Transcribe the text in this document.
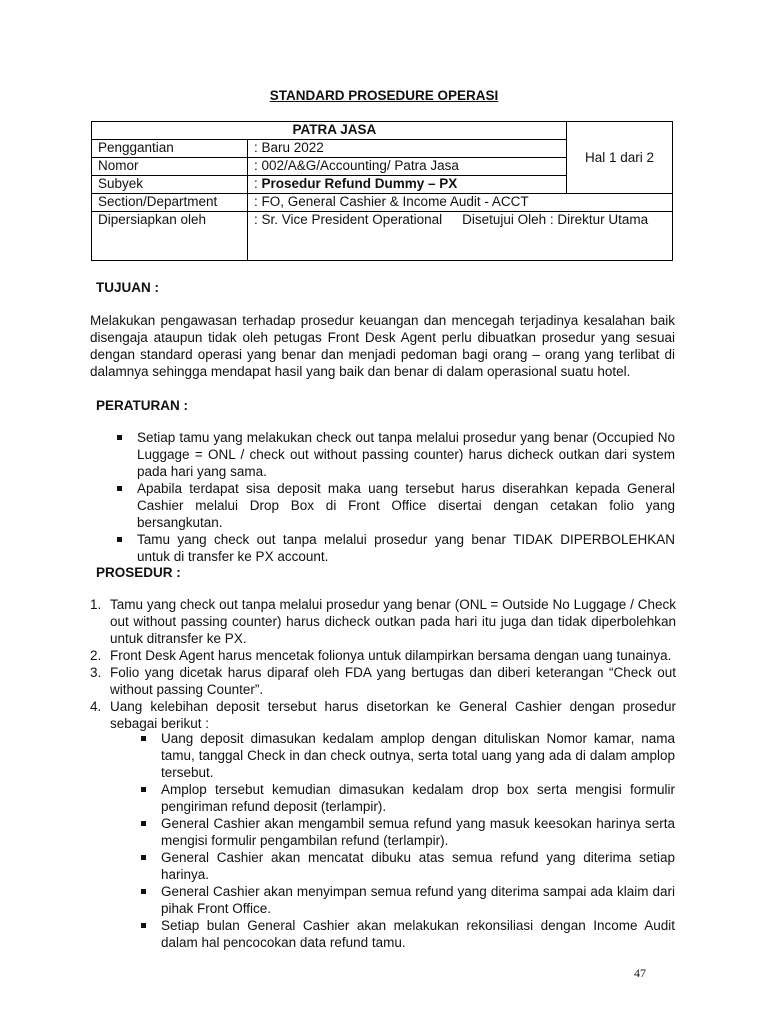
STANDARD PROSEDURE OPERASI
	PATRA JASA	Hal 1 dari 2
Penggantian	: Baru 2022	
Nomor	: 002/A&G/Accounting/ Patra Jasa	
Subyek	: Prosedur Refund Dummy – PX	
Section/Department	: FO, General Cashier & Income Audit - ACCT	
Dipersiapkan oleh	: Sr. Vice President Operational Disetujui Oleh : Direktur Utama	
TUJUAN :
Melakukan pengawasan terhadap prosedur keuangan dan mencegah terjadinya kesalahan baik disengaja ataupun tidak oleh petugas Front Desk Agent perlu dibuatkan prosedur yang sesuai dengan standard operasi yang benar dan menjadi pedoman bagi orang – orang yang terlibat di dalamnya sehingga mendapat hasil yang baik dan benar di dalam operasional suatu hotel.
PERATURAN :
Setiap tamu yang melakukan check out tanpa melalui prosedur yang benar (Occupied No Luggage = ONL / check out without passing counter) harus dicheck outkan dari system pada hari yang sama.
Apabila terdapat sisa deposit maka uang tersebut harus diserahkan kepada General Cashier melalui Drop Box di Front Office disertai dengan cetakan folio yang bersangkutan.
Tamu yang check out tanpa melalui prosedur yang benar TIDAK DIPERBOLEHKAN untuk di transfer ke PX account.
PROSEDUR :
1. Tamu yang check out tanpa melalui prosedur yang benar (ONL = Outside No Luggage / Check out without passing counter) harus dicheck outkan pada hari itu juga dan tidak diperbolehkan untuk ditransfer ke PX.
2. Front Desk Agent harus mencetak folionya untuk dilampirkan bersama dengan uang tunainya.
3. Folio yang dicetak harus diparaf oleh FDA yang bertugas dan diberi keterangan “Check out without passing Counter”.
4. Uang kelebihan deposit tersebut harus disetorkan ke General Cashier dengan prosedur sebagai berikut :
Uang deposit dimasukan kedalam amplop dengan dituliskan Nomor kamar, nama tamu, tanggal Check in dan check outnya, serta total uang yang ada di dalam amplop tersebut.
Amplop tersebut kemudian dimasukan kedalam drop box serta mengisi formulir pengiriman refund deposit (terlampir).
General Cashier akan mengambil semua refund yang masuk keesokan harinya serta mengisi formulir pengambilan refund (terlampir).
General Cashier akan mencatat dibuku atas semua refund yang diterima setiap harinya.
General Cashier akan menyimpan semua refund yang diterima sampai ada klaim dari pihak Front Office.
Setiap bulan General Cashier akan melakukan rekonsiliasi dengan Income Audit dalam hal pencocokan data refund tamu.
47
